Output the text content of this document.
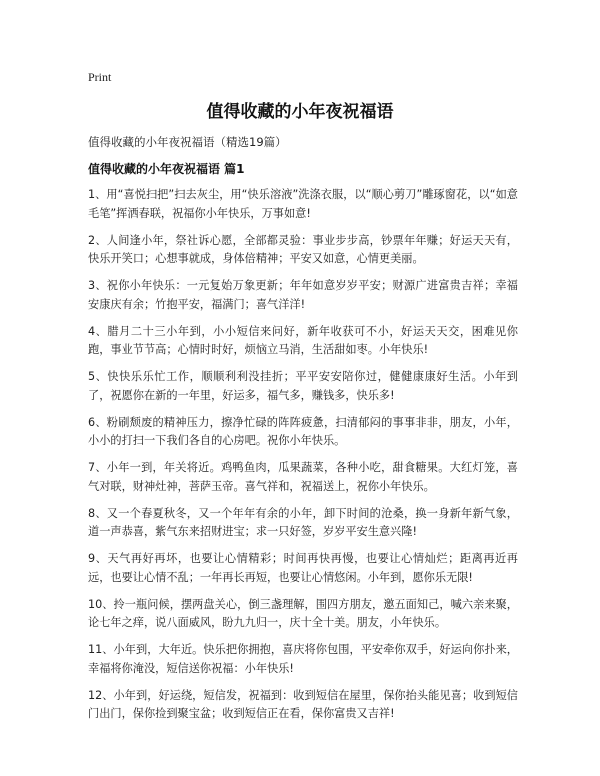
Print
值得收藏的小年夜祝福语
值得收藏的小年夜祝福语（精选19篇）
值得收藏的小年夜祝福语 篇1

1、用“喜悦扫把”扫去灰尘，用“快乐溶液”洗涤衣服，以“顺心剪刀”雕琢窗花，以“如意毛笔”挥洒春联，祝福你小年快乐，万事如意!

2、人间逢小年，祭社诉心愿，全部都灵验：事业步步高，钞票年年赚；好运天天有，快乐开笑口；心想事就成，身体倍精神；平安又如意，心情更美丽。

3、祝你小年快乐：一元复始万象更新；年年如意岁岁平安；财源广进富贵吉祥；幸福安康庆有余；竹抱平安，福满门；喜气洋洋!

4、腊月二十三小年到，小小短信来问好，新年收获可不小，好运天天交，困难见你跑，事业节节高；心情时时好，烦恼立马消，生活甜如枣。小年快乐!

5、快快乐乐忙工作，顺顺利利没挂折；平平安安陪你过，健健康康好生活。小年到了，祝愿你在新的一年里，好运多，福气多，赚钱多，快乐多!

6、粉刷颓废的精神压力，擦净忙碌的阵阵疲惫，扫清郁闷的事事非非，朋友，小年，小小的打扫一下我们各自的心房吧。祝你小年快乐。

7、小年一到，年关将近。鸡鸭鱼肉，瓜果蔬菜，各种小吃，甜食糖果。大红灯笼，喜气对联，财神灶神，菩萨玉帝。喜气祥和，祝福送上，祝你小年快乐。

8、又一个春夏秋冬，又一个年年有余的小年，卸下时间的沧桑，换一身新年新气象，道一声恭喜，紫气东来招财进宝；求一只好签，岁岁平安生意兴隆!

9、天气再好再坏，也要让心情精彩；时间再快再慢，也要让心情灿烂；距离再近再远，也要让心情不乱；一年再长再短，也要让心情悠闲。小年到，愿你乐无限!

10、拎一瓶问候，摆两盘关心，倒三盏理解，围四方朋友，邀五面知己，喊六亲来聚，论七年之痒，说八面威风，盼九九归一，庆十全十美。朋友，小年快乐。

11、小年到，大年近。快乐把你拥抱，喜庆将你包围，平安牵你双手，好运向你扑来，幸福将你淹没，短信送你祝福：小年快乐!

12、小年到，好运绕，短信发，祝福到：收到短信在屋里，保你抬头能见喜；收到短信门出门，保你捡到聚宝盆；收到短信正在看，保你富贵又吉祥!
